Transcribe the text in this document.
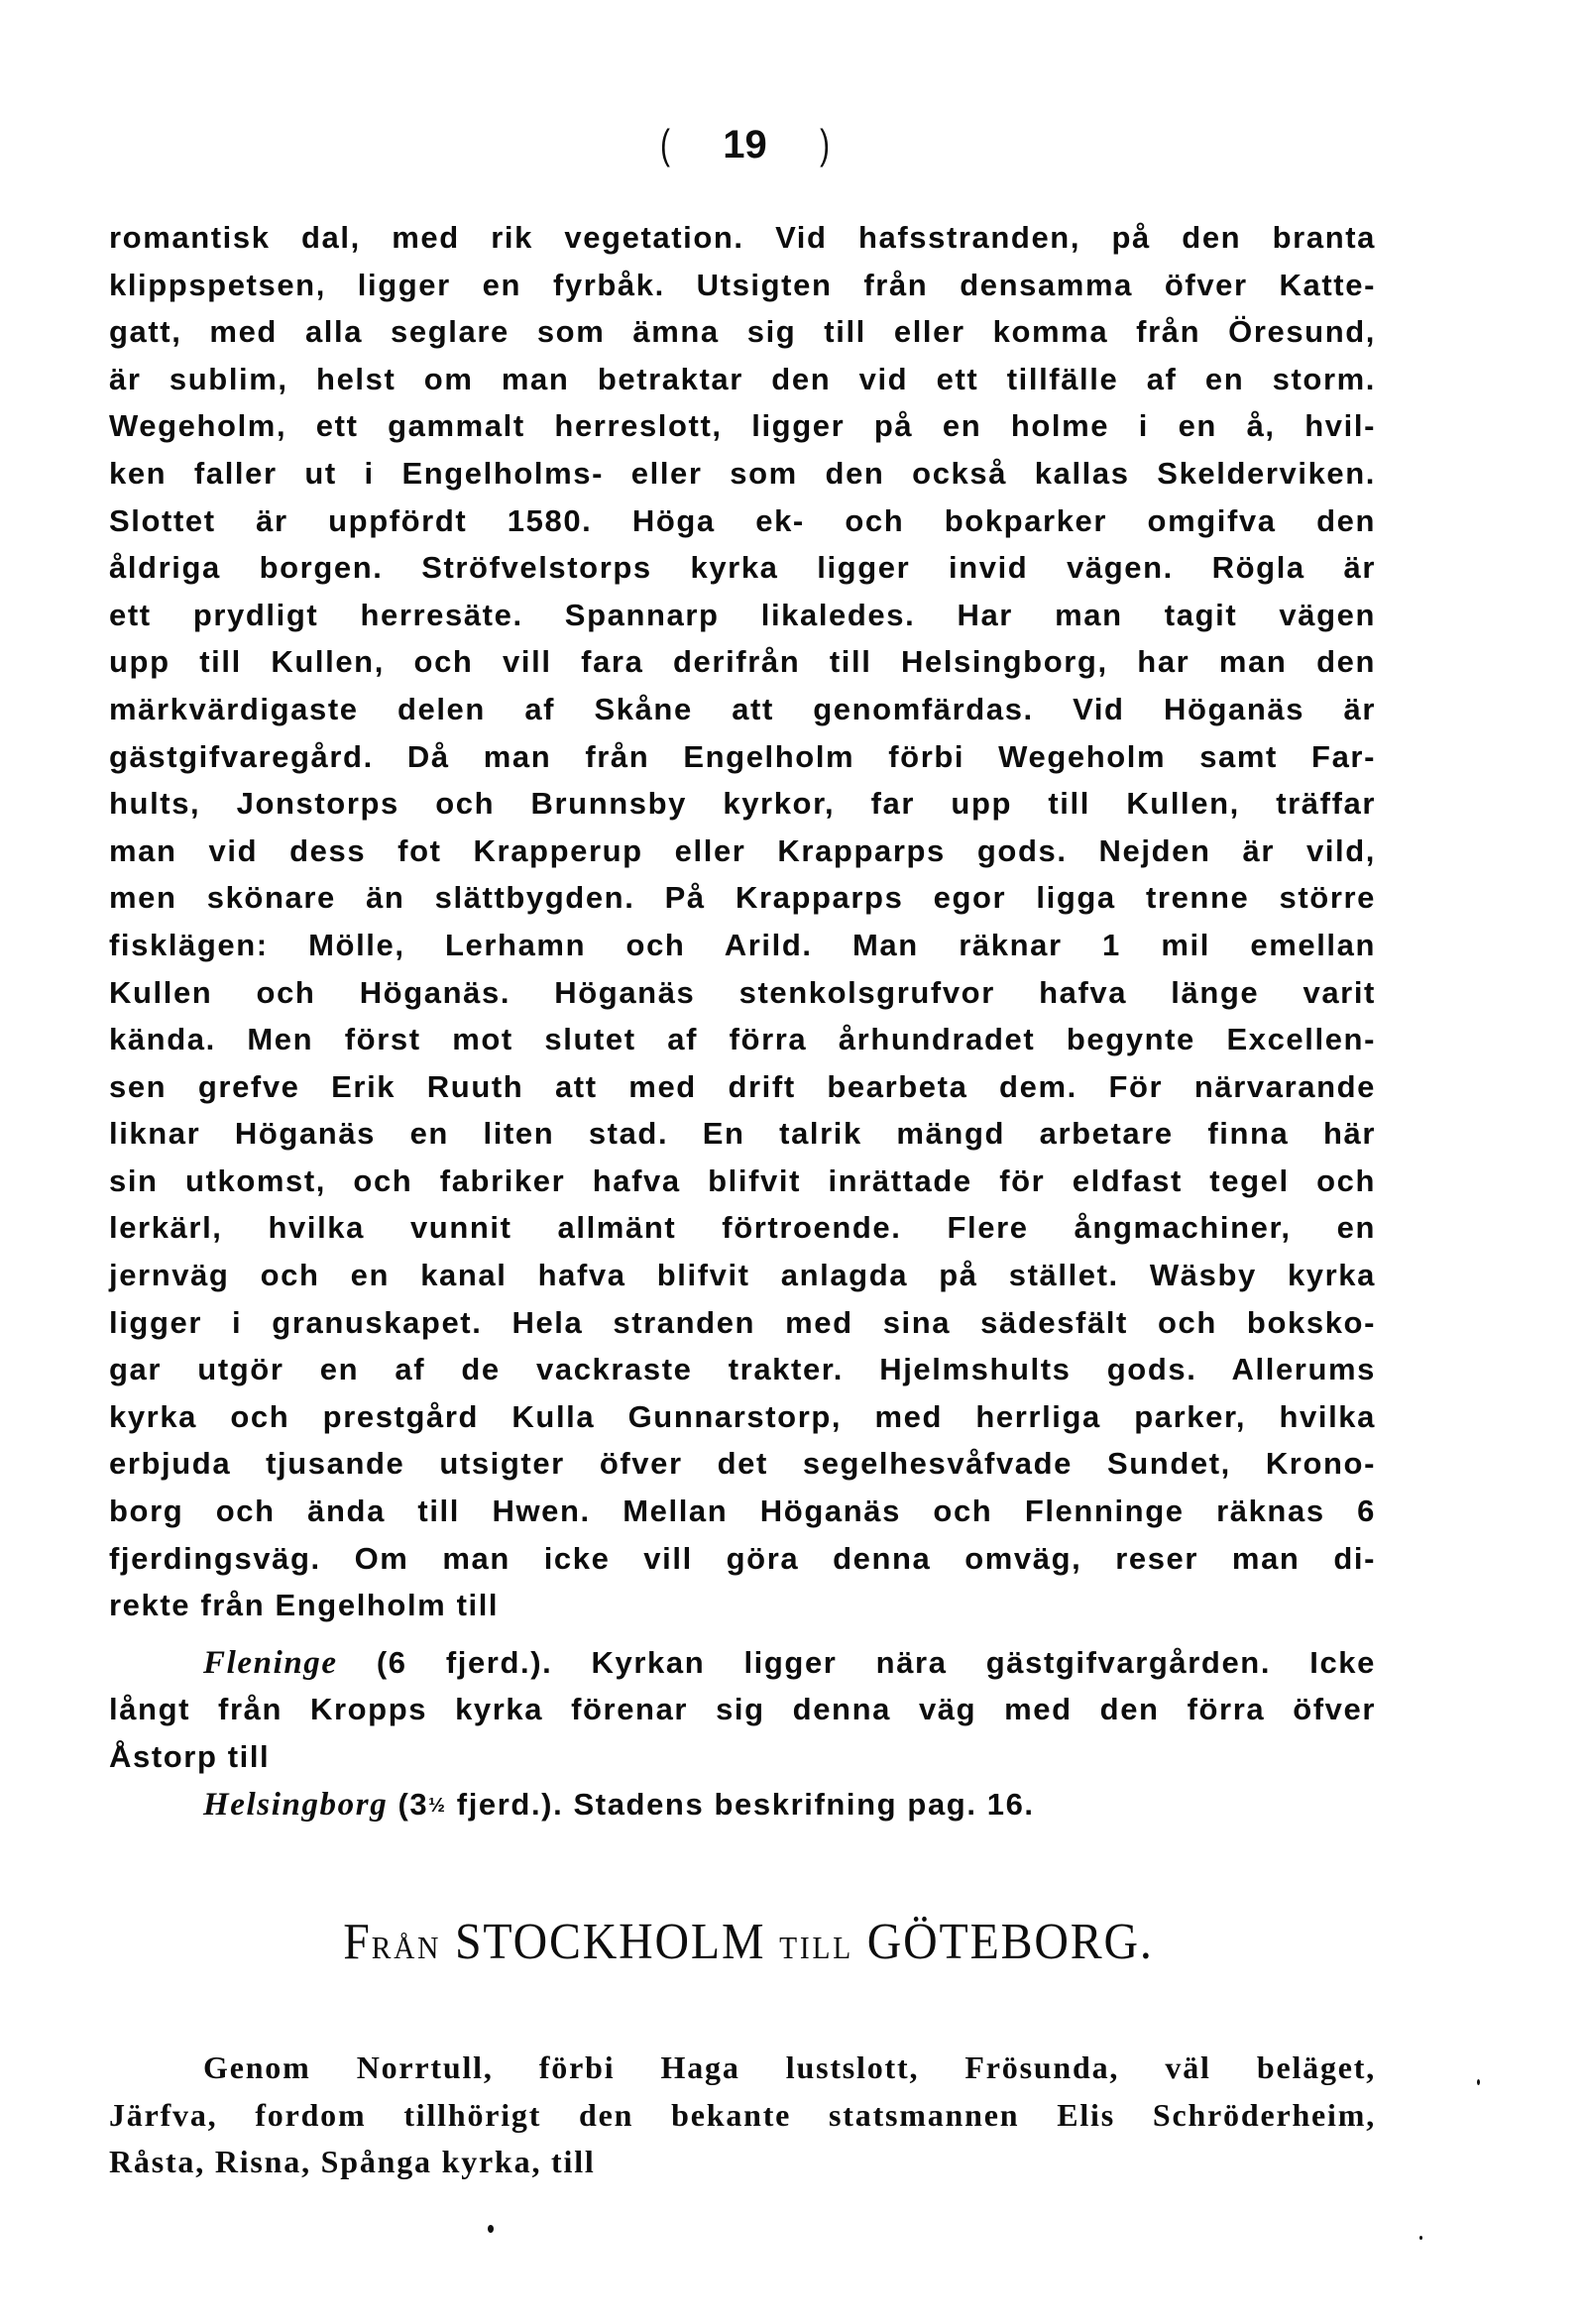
( 19 )
romantisk dal, med rik vegetation. Vid hafsstranden, på den branta
klippspetsen, ligger en fyrbåk. Utsigten från densamma öfver Katte-
gatt, med alla seglare som ämna sig till eller komma från Öresund,
är sublim, helst om man betraktar den vid ett tillfälle af en storm.
Wegeholm, ett gammalt herreslott, ligger på en holme i en å, hvil-
ken faller ut i Engelholms- eller som den också kallas Skelderviken.
Slottet är uppfördt 1580. Höga ek- och bokparker omgifva den
åldriga borgen. Ströfvelstorps kyrka ligger invid vägen. Rögla är
ett prydligt herresäte. Spannarp likaledes. Har man tagit vägen
upp till Kullen, och vill fara derifrån till Helsingborg, har man den
märkvärdigaste delen af Skåne att genomfärdas. Vid Höganäs är
gästgifvaregård. Då man från Engelholm förbi Wegeholm samt Far-
hults, Jonstorps och Brunnsby kyrkor, far upp till Kullen, träffar
man vid dess fot Krapperup eller Krapparps gods. Nejden är vild,
men skönare än slättbygden. På Krapparps egor ligga trenne större
fisklägen: Mölle, Lerhamn och Arild. Man räknar 1 mil emellan
Kullen och Höganäs. Höganäs stenkolsgrufvor hafva länge varit
kända. Men först mot slutet af förra århundradet begynte Excellen-
sen grefve Erik Ruuth att med drift bearbeta dem. För närvarande
liknar Höganäs en liten stad. En talrik mängd arbetare finna här
sin utkomst, och fabriker hafva blifvit inrättade för eldfast tegel och
lerkärl, hvilka vunnit allmänt förtroende. Flere ångmachiner, en
jernväg och en kanal hafva blifvit anlagda på stället. Wäsby kyrka
ligger i granuskapet. Hela stranden med sina sädesfält och boksko-
gar utgör en af de vackraste trakter. Hjelmshults gods. Allerums
kyrka och prestgård Kulla Gunnarstorp, med herrliga parker, hvilka
erbjuda tjusande utsigter öfver det segelhesvåfvade Sundet, Krono-
borg och ända till Hwen. Mellan Höganäs och Flenninge räknas 6
fjerdingsväg. Om man icke vill göra denna omväg, reser man di-
rekte från Engelholm till
Fleninge (6 fjerd.). Kyrkan ligger nära gästgifvargården. Icke
långt från Kropps kyrka förenar sig denna väg med den förra öfver
Åstorp till
Helsingborg (3½ fjerd.). Stadens beskrifning pag. 16.
FRÅN STOCKHOLM TILL GÖTEBORG.
Genom Norrtull, förbi Haga lustslott, Frösunda, väl beläget,
Järfva, fordom tillhörigt den bekante statsmannen Elis Schröderheim,
Råsta, Risna, Spånga kyrka, till
